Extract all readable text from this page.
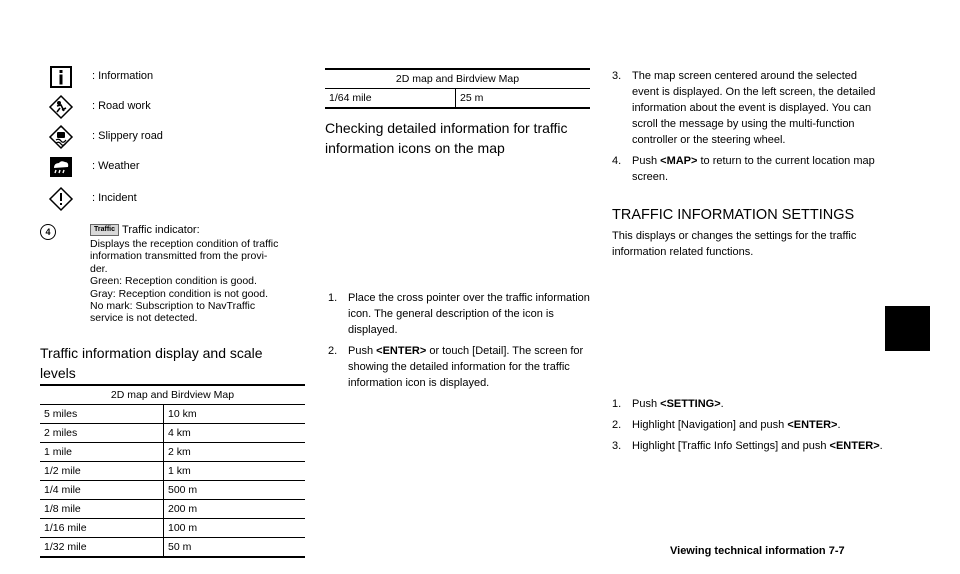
: Information
: Road work
: Slippery road
: Weather
: Incident
4	Traffic Traffic indicator:
Displays the reception condition of traffic
information transmitted from the provi-
der.
Green: Reception condition is good.
Gray: Reception condition is not good.
No mark: Subscription to NavTraffic
service is not detected.
Traffic information display and scale
levels
2D map and Birdview Map	
5 miles	10 km
2 miles	4 km
1 mile	2 km
1/2 mile	1 km
1/4 mile	500 m
1/8 mile	200 m
1/16 mile	100 m
1/32 mile	50 m
2D map and Birdview Map
1/64 mile	25 m
Checking detailed information for traffic
information icons on the map
1. Place the cross pointer over the traffic information icon. The general description of the icon is displayed.
2. Push <ENTER> or touch [Detail]. The screen for showing the detailed information for the traffic information icon is displayed.
3. The map screen centered around the selected event is displayed. On the left screen, the detailed information about the event is displayed. You can scroll the message by using the multi-function controller or the steering wheel.
4. Push <MAP> to return to the current location map screen.
TRAFFIC INFORMATION SETTINGS
This displays or changes the settings for the traffic information related functions.
1. Push <SETTING>.
2. Highlight [Navigation] and push <ENTER>.
3. Highlight [Traffic Info Settings] and push <ENTER>.
Viewing technical information 7-7
